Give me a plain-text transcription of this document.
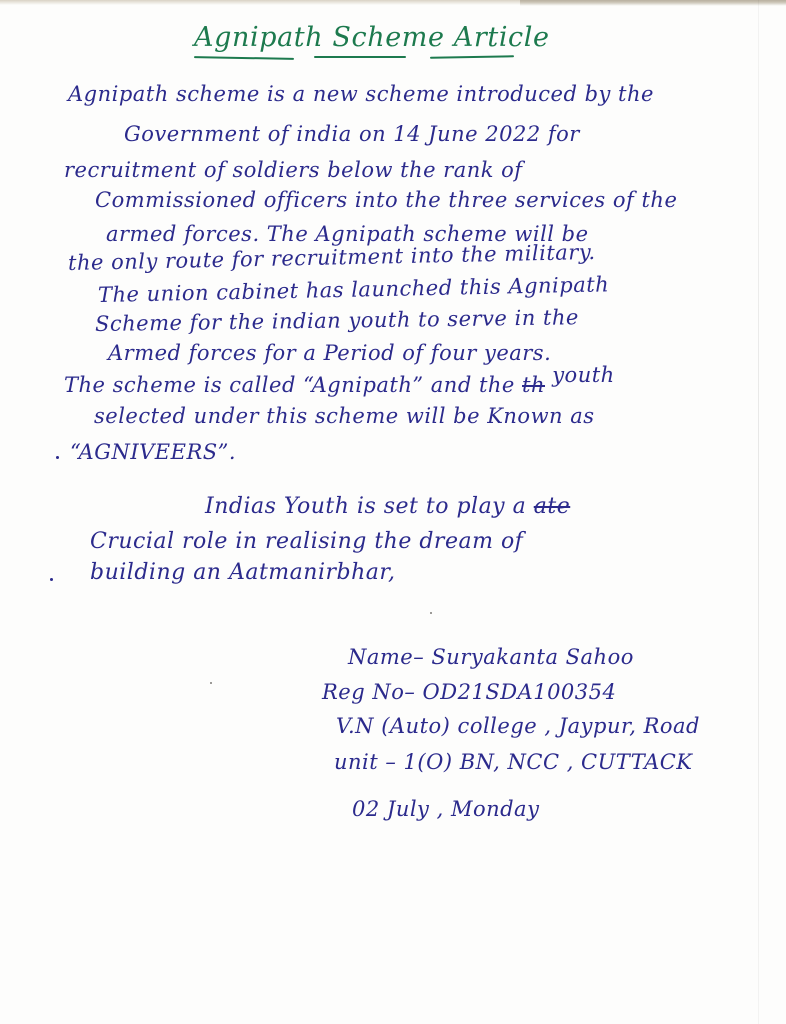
Agnipath Scheme Article
Agnipath scheme is a new scheme introduced by the
Government of india on 14 June 2022 for
recruitment of soldiers below the rank of
Commissioned officers into the three services of the
armed forces. The Agnipath scheme will be
the only route for recruitment into the military.
The union cabinet has launched this Agnipath
Scheme for the indian youth to serve in the
Armed forces for a Period of four years.
The scheme is called “Agnipath” and the th youth
selected under this scheme will be Known as
“AGNIVEERS”.
Indias Youth is set to play a ate
Crucial role in realising the dream of
building an Aatmanirbhar,
Name– Suryakanta Sahoo
Reg No– OD21SDA100354
V.N (Auto) college , Jaypur, Road
unit – 1(O) BN, NCC , CUTTACK
02 July , Monday
